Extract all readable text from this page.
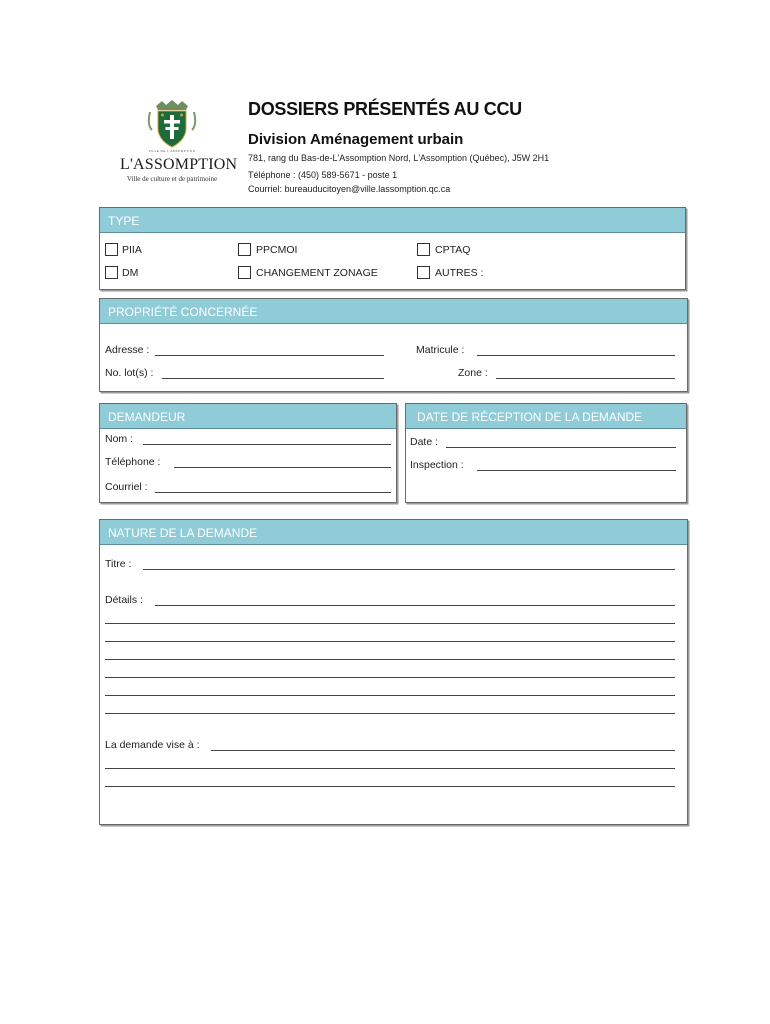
VILLE DE L'ASSOMPTION
L'ASSOMPTION
Ville de culture et de patrimoine
DOSSIERS PRÉSENTÉS AU CCU
Division Aménagement urbain
781, rang du Bas-de-L'Assomption Nord, L'Assomption (Québec), J5W 2H1
Téléphone : (450) 589-5671 - poste 1
Courriel: bureauducitoyen@ville.lassomption.qc.ca
TYPE
PIIA	PPCMOI	CPTAQ
DM	CHANGEMENT ZONAGE	AUTRES :
PROPRIÉTÉ CONCERNÉE
Adresse :	Matricule :
No. lot(s) :	Zone :
DEMANDEUR
Nom :
Téléphone :
Courriel :
DATE DE RÉCEPTION DE LA DEMANDE
Date :
Inspection :
NATURE DE LA DEMANDE
Titre :
Détails :
La demande vise à :
